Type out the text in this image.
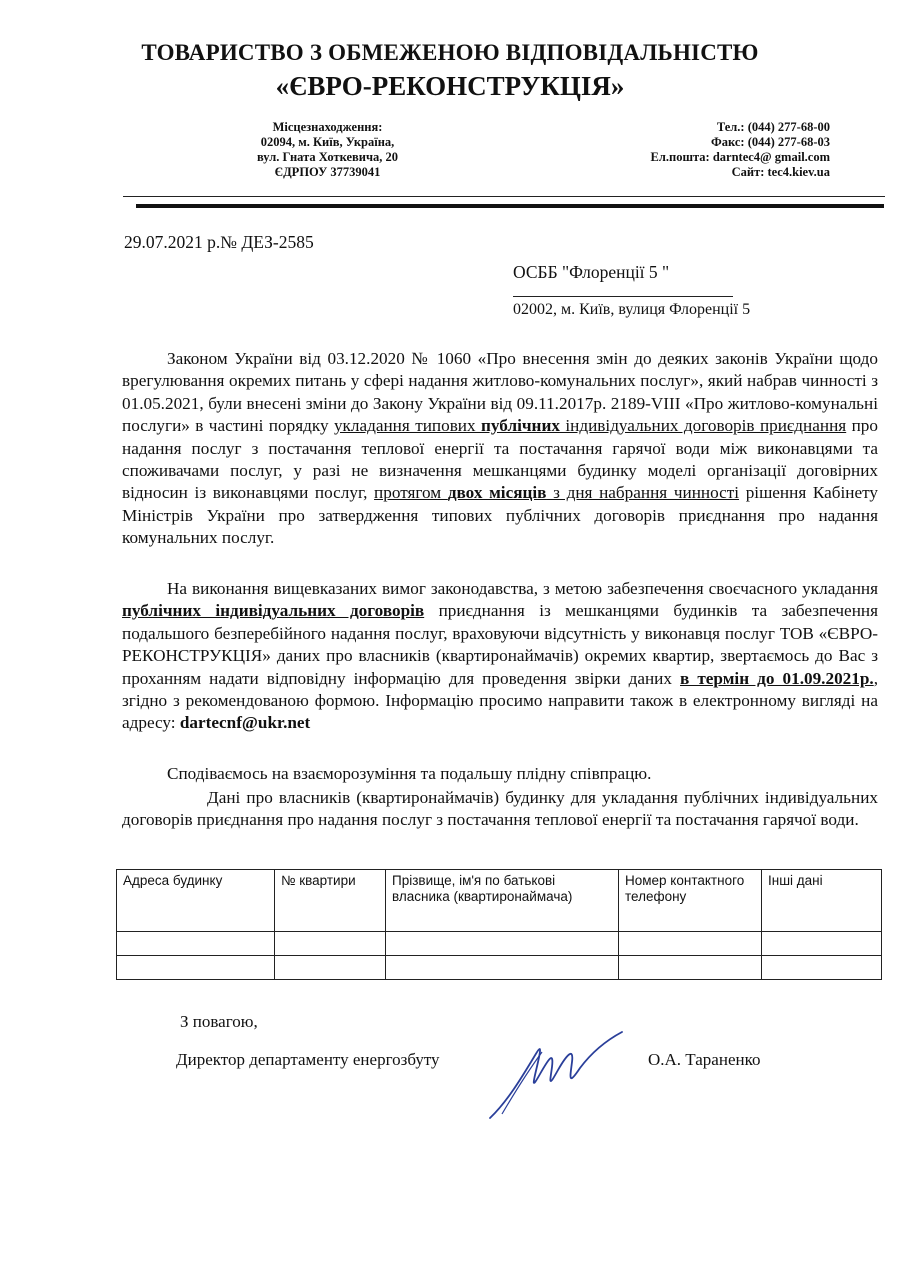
ТОВАРИСТВО З ОБМЕЖЕНОЮ ВІДПОВІДАЛЬНІСТЮ
«ЄВРО-РЕКОНСТРУКЦІЯ»
Місцезнаходження:
02094, м. Київ, Україна,
вул. Гната Хоткевича, 20
ЄДРПОУ 37739041
Тел.: (044) 277-68-00
Факс: (044) 277-68-03
Ел.пошта: darntec4@ gmail.com
Сайт: tec4.kiev.ua
29.07.2021 р.№ ДЕЗ-2585
ОСББ "Флоренції 5 "
02002, м. Київ, вулиця Флоренції 5
Законом України від 03.12.2020 № 1060 «Про внесення змін до деяких законів України щодо врегулювання окремих питань у сфері надання житлово-комунальних послуг», який набрав чинності з 01.05.2021, були внесені зміни до Закону України від 09.11.2017р. 2189-VIII «Про житлово-комунальні послуги» в частині порядку укладання типових публічних індивідуальних договорів приєднання про надання послуг з постачання теплової енергії та постачання гарячої води між виконавцями та споживачами послуг, у разі не визначення мешканцями будинку моделі організації договірних відносин із виконавцями послуг, протягом двох місяців з дня набрання чинності рішення Кабінету Міністрів України про затвердження типових публічних договорів приєднання про надання комунальних послуг.
На виконання вищевказаних вимог законодавства, з метою забезпечення своєчасного укладання публічних індивідуальних договорів приєднання із мешканцями будинків та забезпечення подальшого безперебійного надання послуг, враховуючи відсутність у виконавця послуг ТОВ «ЄВРО-РЕКОНСТРУКЦІЯ» даних про власників (квартиронаймачів) окремих квартир, звертаємось до Вас з проханням надати відповідну інформацію для проведення звірки даних в термін до 01.09.2021р., згідно з рекомендованою формою. Інформацію просимо направити також в електронному вигляді на адресу: dartecnf@ukr.net
Сподіваємось на взаєморозуміння та подальшу плідну співпрацю.
Дані про власників (квартиронаймачів) будинку для укладання публічних індивідуальних договорів приєднання про надання послуг з постачання теплової енергії та постачання гарячої води.
Адреса будинку	№ квартири	Прізвище, ім'я по батькові власника (квартиронаймача)	Номер контактного телефону	Інші дані

З повагою,
Директор департаменту енергозбуту	О.А. Тараненко
